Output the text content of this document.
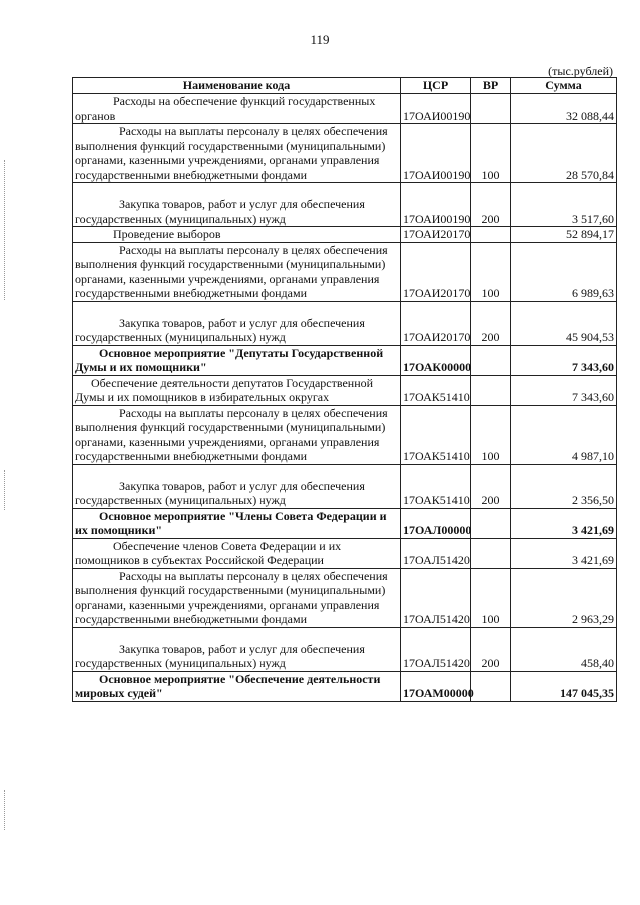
119
(тыс.рублей)
Наименование кода	ЦСР	ВР	Сумма

Расходы на обеспечение функций государственных органов	17ОАИ00190		32 088,44

Расходы на выплаты персоналу в целях обеспечения выполнения функций государственными (муниципальными) органами, казенными учреждениями, органами управления государственными внебюджетными фондами	17ОАИ00190	100	28 570,84

Закупка товаров, работ и услуг для обеспечения государственных (муниципальных) нужд	17ОАИ00190	200	3 517,60

Проведение выборов	17ОАИ20170		52 894,17

Расходы на выплаты персоналу в целях обеспечения выполнения функций государственными (муниципальными) органами, казенными учреждениями, органами управления государственными внебюджетными фондами	17ОАИ20170	100	6 989,63

Закупка товаров, работ и услуг для обеспечения государственных (муниципальных) нужд	17ОАИ20170	200	45 904,53

Основное мероприятие "Депутаты Государственной Думы и их помощники"	17ОАК00000		7 343,60

Обеспечение деятельности депутатов Государственной Думы и их помощников в избирательных округах	17ОАК51410		7 343,60

Расходы на выплаты персоналу в целях обеспечения выполнения функций государственными (муниципальными) органами, казенными учреждениями, органами управления государственными внебюджетными фондами	17ОАК51410	100	4 987,10

Закупка товаров, работ и услуг для обеспечения государственных (муниципальных) нужд	17ОАК51410	200	2 356,50

Основное мероприятие "Члены Совета Федерации и их помощники"	17ОАЛ00000		3 421,69

Обеспечение членов Совета Федерации и их помощников в субъектах Российской Федерации	17ОАЛ51420		3 421,69

Расходы на выплаты персоналу в целях обеспечения выполнения функций государственными (муниципальными) органами, казенными учреждениями, органами управления государственными внебюджетными фондами	17ОАЛ51420	100	2 963,29

Закупка товаров, работ и услуг для обеспечения государственных (муниципальных) нужд	17ОАЛ51420	200	458,40

Основное мероприятие "Обеспечение деятельности мировых судей"	17ОАМ00000		147 045,35
